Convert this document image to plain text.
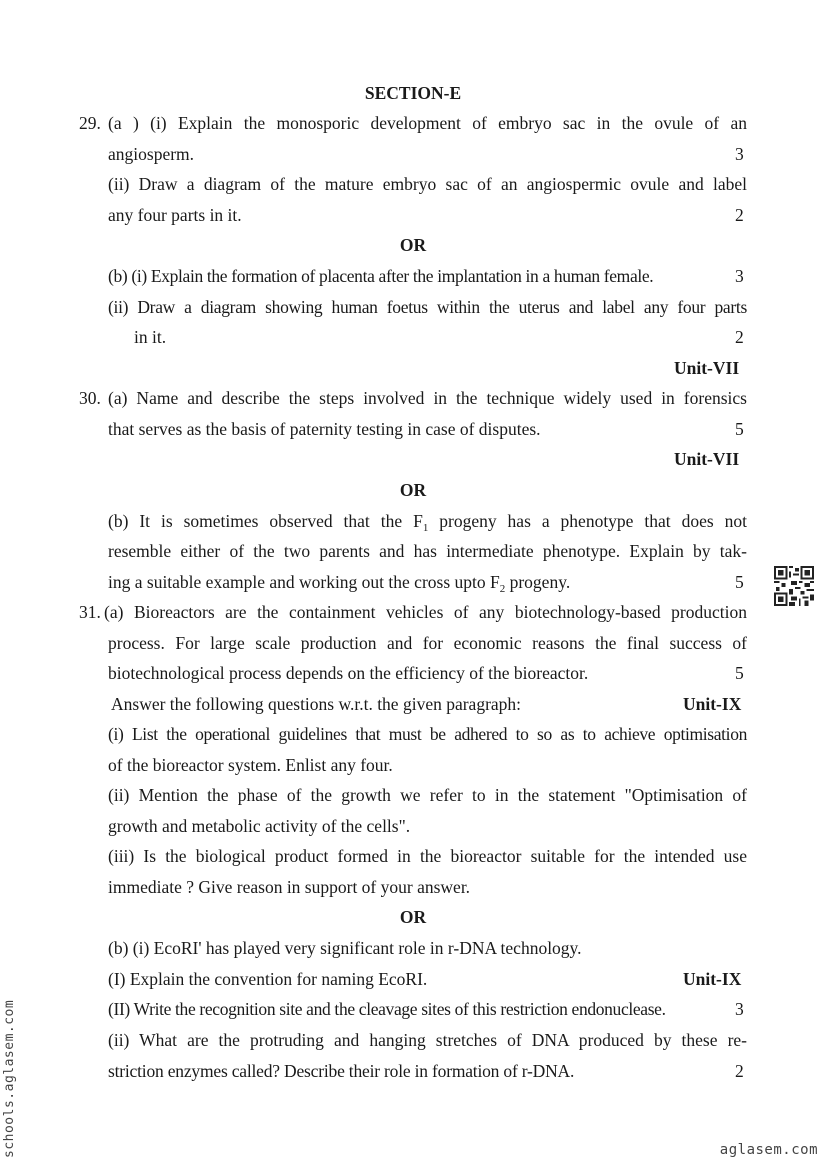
SECTION-E
29. (a ) (i) Explain the monosporic development of embryo sac in the ovule of an
angiosperm.	3
(ii) Draw a diagram of the mature embryo sac of an angiospermic ovule and label
any four parts in it.	2
OR
(b) (i) Explain the formation of placenta after the implantation in a human female.	3
(ii) Draw a diagram showing human foetus within the uterus and label any four parts
in it.	2
Unit-VII
30. (a) Name and describe the steps involved in the technique widely used in forensics
that serves as the basis of paternity testing in case of disputes.	5
Unit-VII
OR
(b) It is sometimes observed that the $F_1$ progeny has a phenotype that does not
resemble either of the two parents and has intermediate phenotype. Explain by tak-
ing a suitable example and working out the cross upto $F_2$ progeny.	5
31. (a) Bioreactors are the containment vehicles of any biotechnology-based production
process. For large scale production and for economic reasons the final success of
biotechnological process depends on the efficiency of the bioreactor.	5
Answer the following questions w.r.t. the given paragraph:	Unit-IX
(i) List the operational guidelines that must be adhered to so as to achieve optimisation
of the bioreactor system. Enlist any four.
(ii) Mention the phase of the growth we refer to in the statement "Optimisation of
growth and metabolic activity of the cells".
(iii) Is the biological product formed in the bioreactor suitable for the intended use
immediate ? Give reason in support of your answer.
OR
(b) (i) EcoRI' has played very significant role in r-DNA technology.
(I) Explain the convention for naming EcoRI.	Unit-IX
(II) Write the recognition site and the cleavage sites of this restriction endonuclease.	3
(ii) What are the protruding and hanging stretches of DNA produced by these re-
striction enzymes called? Describe their role in formation of r-DNA.	2
schools.aglasem.com	aglasem.com
